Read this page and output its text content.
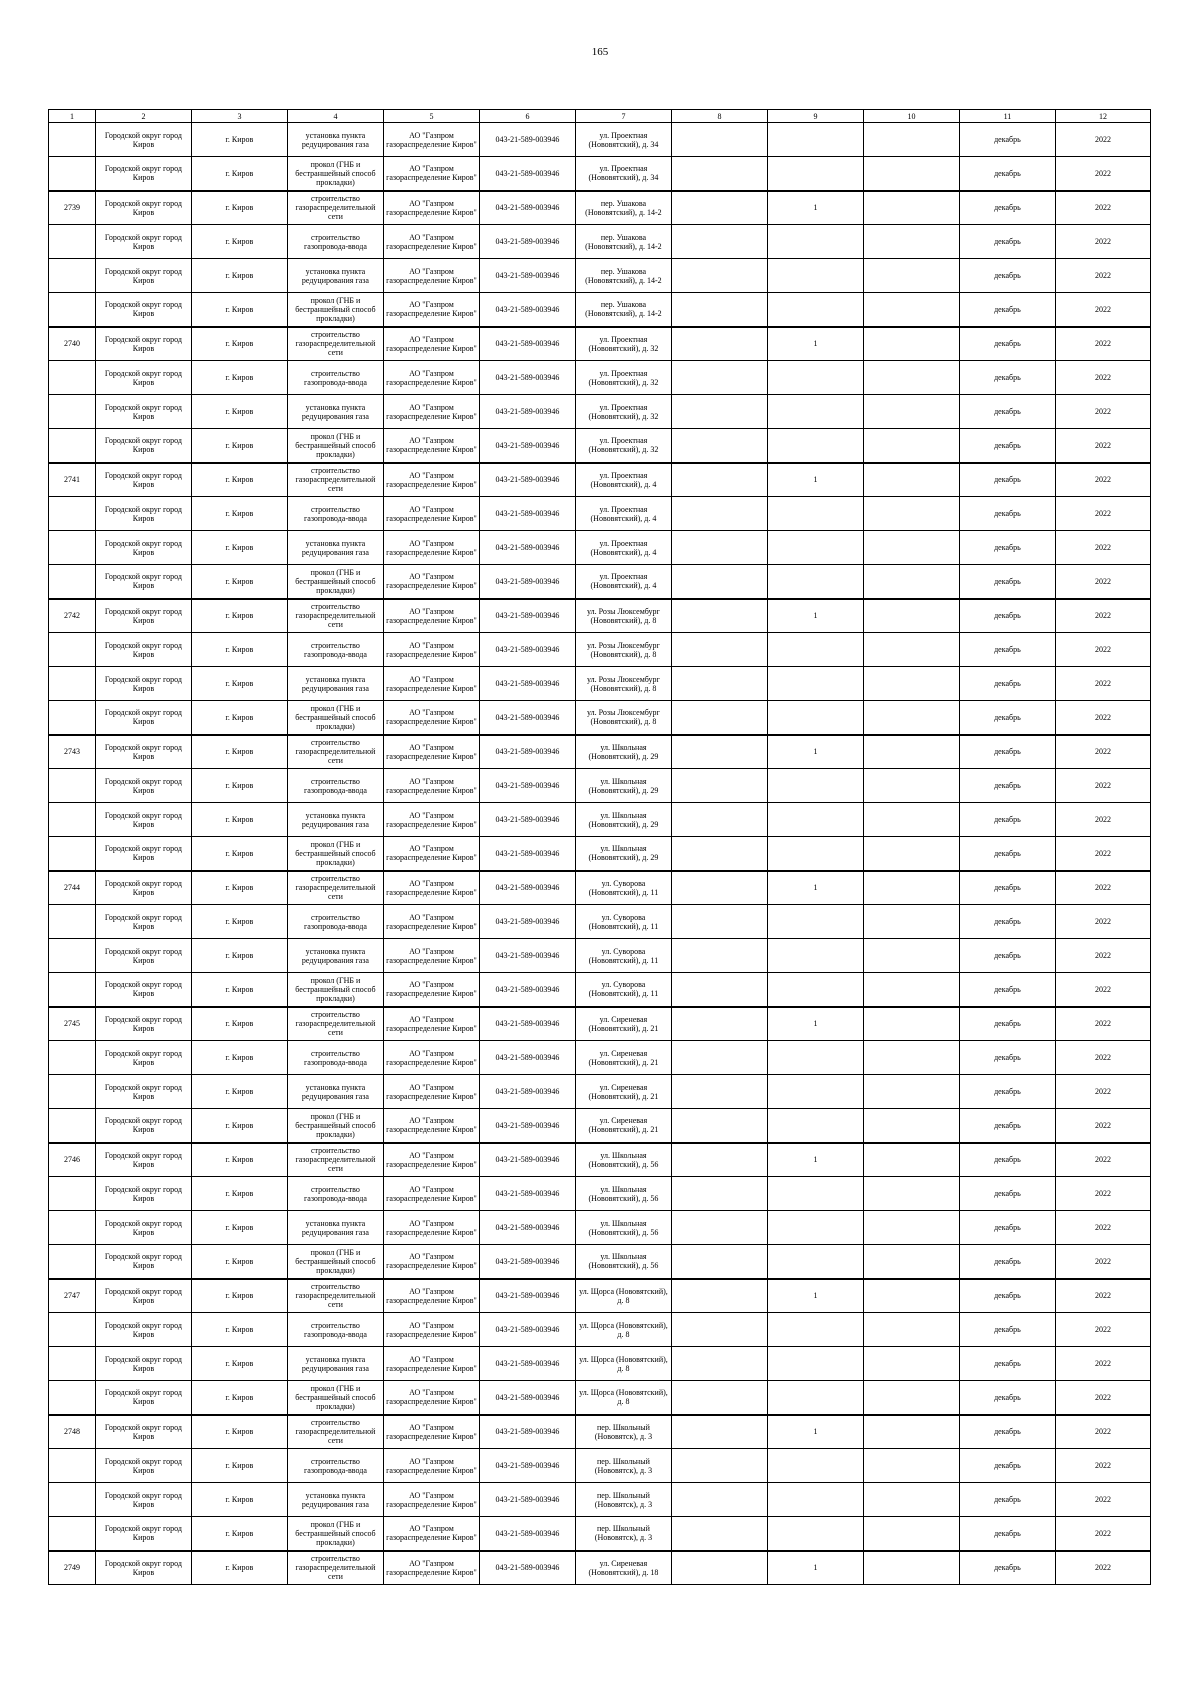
165
1	2	3	4	5	6	7	8	9	10	11	12

	Городской округ город Киров	г. Киров	установка пункта редуцирования газа	АО "Газпром газораспределение Киров"	043-21-589-003946	ул. Проектная (Нововятский), д. 34				декабрь	2022

	Городской округ город Киров	г. Киров	прокол (ГНБ и бестраншейный способ прокладки)	АО "Газпром газораспределение Киров"	043-21-589-003946	ул. Проектная (Нововятский), д. 34				декабрь	2022

2739	Городской округ город Киров	г. Киров	строительство газораспределительной сети	АО "Газпром газораспределение Киров"	043-21-589-003946	пер. Ушакова (Нововятский), д. 14-2		1		декабрь	2022

	Городской округ город Киров	г. Киров	строительство газопровода-ввода	АО "Газпром газораспределение Киров"	043-21-589-003946	пер. Ушакова (Нововятский), д. 14-2				декабрь	2022

	Городской округ город Киров	г. Киров	установка пункта редуцирования газа	АО "Газпром газораспределение Киров"	043-21-589-003946	пер. Ушакова (Нововятский), д. 14-2				декабрь	2022

	Городской округ город Киров	г. Киров	прокол (ГНБ и бестраншейный способ прокладки)	АО "Газпром газораспределение Киров"	043-21-589-003946	пер. Ушакова (Нововятский), д. 14-2				декабрь	2022

2740	Городской округ город Киров	г. Киров	строительство газораспределительной сети	АО "Газпром газораспределение Киров"	043-21-589-003946	ул. Проектная (Нововятский), д. 32		1		декабрь	2022

	Городской округ город Киров	г. Киров	строительство газопровода-ввода	АО "Газпром газораспределение Киров"	043-21-589-003946	ул. Проектная (Нововятский), д. 32				декабрь	2022

	Городской округ город Киров	г. Киров	установка пункта редуцирования газа	АО "Газпром газораспределение Киров"	043-21-589-003946	ул. Проектная (Нововятский), д. 32				декабрь	2022

	Городской округ город Киров	г. Киров	прокол (ГНБ и бестраншейный способ прокладки)	АО "Газпром газораспределение Киров"	043-21-589-003946	ул. Проектная (Нововятский), д. 32				декабрь	2022

2741	Городской округ город Киров	г. Киров	строительство газораспределительной сети	АО "Газпром газораспределение Киров"	043-21-589-003946	ул. Проектная (Нововятский), д. 4		1		декабрь	2022

	Городской округ город Киров	г. Киров	строительство газопровода-ввода	АО "Газпром газораспределение Киров"	043-21-589-003946	ул. Проектная (Нововятский), д. 4				декабрь	2022

	Городской округ город Киров	г. Киров	установка пункта редуцирования газа	АО "Газпром газораспределение Киров"	043-21-589-003946	ул. Проектная (Нововятский), д. 4				декабрь	2022

	Городской округ город Киров	г. Киров	прокол (ГНБ и бестраншейный способ прокладки)	АО "Газпром газораспределение Киров"	043-21-589-003946	ул. Проектная (Нововятский), д. 4				декабрь	2022

2742	Городской округ город Киров	г. Киров	строительство газораспределительной сети	АО "Газпром газораспределение Киров"	043-21-589-003946	ул. Розы Люксембург (Нововятский), д. 8		1		декабрь	2022

	Городской округ город Киров	г. Киров	строительство газопровода-ввода	АО "Газпром газораспределение Киров"	043-21-589-003946	ул. Розы Люксембург (Нововятский), д. 8				декабрь	2022

	Городской округ город Киров	г. Киров	установка пункта редуцирования газа	АО "Газпром газораспределение Киров"	043-21-589-003946	ул. Розы Люксембург (Нововятский), д. 8				декабрь	2022

	Городской округ город Киров	г. Киров	прокол (ГНБ и бестраншейный способ прокладки)	АО "Газпром газораспределение Киров"	043-21-589-003946	ул. Розы Люксембург (Нововятский), д. 8				декабрь	2022

2743	Городской округ город Киров	г. Киров	строительство газораспределительной сети	АО "Газпром газораспределение Киров"	043-21-589-003946	ул. Школьная (Нововятский), д. 29		1		декабрь	2022

	Городской округ город Киров	г. Киров	строительство газопровода-ввода	АО "Газпром газораспределение Киров"	043-21-589-003946	ул. Школьная (Нововятский), д. 29				декабрь	2022

	Городской округ город Киров	г. Киров	установка пункта редуцирования газа	АО "Газпром газораспределение Киров"	043-21-589-003946	ул. Школьная (Нововятский), д. 29				декабрь	2022

	Городской округ город Киров	г. Киров	прокол (ГНБ и бестраншейный способ прокладки)	АО "Газпром газораспределение Киров"	043-21-589-003946	ул. Школьная (Нововятский), д. 29				декабрь	2022

2744	Городской округ город Киров	г. Киров	строительство газораспределительной сети	АО "Газпром газораспределение Киров"	043-21-589-003946	ул. Суворова (Нововятский), д. 11		1		декабрь	2022

	Городской округ город Киров	г. Киров	строительство газопровода-ввода	АО "Газпром газораспределение Киров"	043-21-589-003946	ул. Суворова (Нововятский), д. 11				декабрь	2022

	Городской округ город Киров	г. Киров	установка пункта редуцирования газа	АО "Газпром газораспределение Киров"	043-21-589-003946	ул. Суворова (Нововятский), д. 11				декабрь	2022

	Городской округ город Киров	г. Киров	прокол (ГНБ и бестраншейный способ прокладки)	АО "Газпром газораспределение Киров"	043-21-589-003946	ул. Суворова (Нововятский), д. 11				декабрь	2022

2745	Городской округ город Киров	г. Киров	строительство газораспределительной сети	АО "Газпром газораспределение Киров"	043-21-589-003946	ул. Сиреневая (Нововятский), д. 21		1		декабрь	2022

	Городской округ город Киров	г. Киров	строительство газопровода-ввода	АО "Газпром газораспределение Киров"	043-21-589-003946	ул. Сиреневая (Нововятский), д. 21				декабрь	2022

	Городской округ город Киров	г. Киров	установка пункта редуцирования газа	АО "Газпром газораспределение Киров"	043-21-589-003946	ул. Сиреневая (Нововятский), д. 21				декабрь	2022

	Городской округ город Киров	г. Киров	прокол (ГНБ и бестраншейный способ прокладки)	АО "Газпром газораспределение Киров"	043-21-589-003946	ул. Сиреневая (Нововятский), д. 21				декабрь	2022

2746	Городской округ город Киров	г. Киров	строительство газораспределительной сети	АО "Газпром газораспределение Киров"	043-21-589-003946	ул. Школьная (Нововятский), д. 56		1		декабрь	2022

	Городской округ город Киров	г. Киров	строительство газопровода-ввода	АО "Газпром газораспределение Киров"	043-21-589-003946	ул. Школьная (Нововятский), д. 56				декабрь	2022

	Городской округ город Киров	г. Киров	установка пункта редуцирования газа	АО "Газпром газораспределение Киров"	043-21-589-003946	ул. Школьная (Нововятский), д. 56				декабрь	2022

	Городской округ город Киров	г. Киров	прокол (ГНБ и бестраншейный способ прокладки)	АО "Газпром газораспределение Киров"	043-21-589-003946	ул. Школьная (Нововятский), д. 56				декабрь	2022

2747	Городской округ город Киров	г. Киров	строительство газораспределительной сети	АО "Газпром газораспределение Киров"	043-21-589-003946	ул. Щорса (Нововятский), д. 8		1		декабрь	2022

	Городской округ город Киров	г. Киров	строительство газопровода-ввода	АО "Газпром газораспределение Киров"	043-21-589-003946	ул. Щорса (Нововятский), д. 8				декабрь	2022

	Городской округ город Киров	г. Киров	установка пункта редуцирования газа	АО "Газпром газораспределение Киров"	043-21-589-003946	ул. Щорса (Нововятский), д. 8				декабрь	2022

	Городской округ город Киров	г. Киров	прокол (ГНБ и бестраншейный способ прокладки)	АО "Газпром газораспределение Киров"	043-21-589-003946	ул. Щорса (Нововятский), д. 8				декабрь	2022

2748	Городской округ город Киров	г. Киров	строительство газораспределительной сети	АО "Газпром газораспределение Киров"	043-21-589-003946	пер. Школьный (Нововятск), д. 3		1		декабрь	2022

	Городской округ город Киров	г. Киров	строительство газопровода-ввода	АО "Газпром газораспределение Киров"	043-21-589-003946	пер. Школьный (Нововятск), д. 3				декабрь	2022

	Городской округ город Киров	г. Киров	установка пункта редуцирования газа	АО "Газпром газораспределение Киров"	043-21-589-003946	пер. Школьный (Нововятск), д. 3				декабрь	2022

	Городской округ город Киров	г. Киров	прокол (ГНБ и бестраншейный способ прокладки)	АО "Газпром газораспределение Киров"	043-21-589-003946	пер. Школьный (Нововятск), д. 3				декабрь	2022

2749	Городской округ город Киров	г. Киров	строительство газораспределительной сети	АО "Газпром газораспределение Киров"	043-21-589-003946	ул. Сиреневая (Нововятский), д. 18		1		декабрь	2022
